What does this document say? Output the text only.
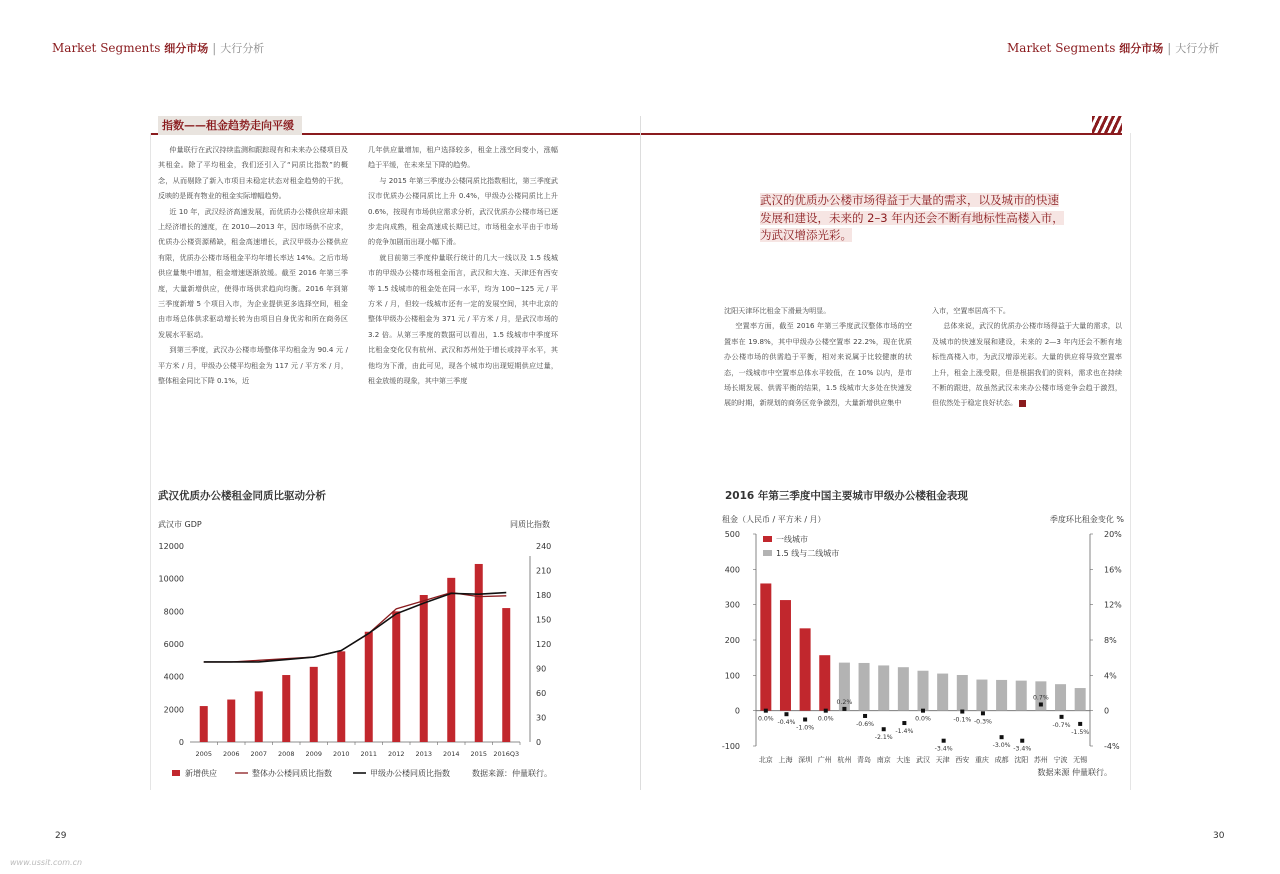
Market Segments 细分市场 | 大行分析	Market Segments 细分市场 | 大行分析
指数——租金趋势走向平缓

仲量联行在武汉持续监测和跟踪现有和未来办公楼项目及其租金。除了平均租金，我们还引入了“同质比指数”的概念，从而剔除了新入市项目未稳定状态对租金趋势的干扰，反映的是既有物业的租金实际增幅趋势。

近 10 年，武汉经济高速发展，而优质办公楼供应却未跟上经济增长的速度，在 2010—2013 年，因市场供不应求，优质办公楼资源稀缺，租金高速增长，武汉甲级办公楼供应有限，优质办公楼市场租金平均年增长率达 14%。之后市场供应量集中增加，租金增速逐渐放缓。截至 2016 年第三季度，大量新增供应，使得市场供求趋向均衡。2016 年到第三季度新增 5 个项目入市，为企业提供更多选择空间，租金由市场总体供求驱动增长转为由项目自身优劣和所在商务区发展水平驱动。

到第三季度，武汉办公楼市场整体平均租金为 90.4 元 / 平方米 / 月，甲级办公楼平均租金为 117 元 / 平方米 / 月，整体租金同比下降 0.1%，近

几年供应量增加，租户选择较多，租金上涨空间变小，涨幅趋于平缓，在未来呈下降的趋势。

与 2015 年第三季度办公楼同质比指数相比，第三季度武汉市优质办公楼同质比上升 0.4%，甲级办公楼同质比上升 0.6%，按现有市场供应需求分析，武汉优质办公楼市场已逐步走向成熟，租金高速成长期已过，市场租金水平由于市场的竞争加剧而出现小幅下滑。

就目前第三季度仲量联行统计的几大一线以及 1.5 线城市的甲级办公楼市场租金而言，武汉和大连、天津还有西安等 1.5 线城市的租金处在同一水平，均为 100~125 元 / 平方米 / 月，但较一线城市还有一定的发展空间，其中北京的整体甲级办公楼租金为 371 元 / 平方米 / 月，是武汉市场的 3.2 倍。从第三季度的数据可以看出，1.5 线城市中季度环比租金变化仅有杭州、武汉和苏州处于增长或持平水平，其他均为下滑，由此可见，现各个城市均出现短期供应过量，租金放缓的现象，其中第三季度

沈阳天津环比租金下滑最为明显。

空置率方面，截至 2016 年第三季度武汉整体市场的空置率在 19.8%，其中甲级办公楼空置率 22.2%，现在优质办公楼市场的供需趋于平衡，相对来说属于比较健康的状态，一线城市中空置率总体水平较低，在 10% 以内，是市场长期发展、供需平衡的结果，1.5 线城市大多处在快速发展的时期，新规划的商务区竞争激烈，大量新增供应集中

入市，空置率居高不下。

总体来说，武汉的优质办公楼市场得益于大量的需求，以及城市的快速发展和建设，未来的 2—3 年内还会不断有地标性高楼入市，为武汉增添光彩。大量的供应将导致空置率上升，租金上涨受限，但是根据我们的资料，需求也在持续不断的跟进，故虽然武汉未来办公楼市场竞争会趋于激烈，但依然处于稳定良好状态。

武汉的优质办公楼市场得益于大量的需求，以及城市的快速
发展和建设，未来的 2–3 年内还会不断有地标性高楼入市，
为武汉增添光彩。
武汉优质办公楼租金同质比驱动分析
武汉市 GDP	同质比指数
0
2000
4000
6000
8000
10000
12000
0
30
60
90
120
150
180
210
240
2005 2006 2007 2008 2009 2010 2011 2012 2013 2014 2015 2016Q3
新增供应	整体办公楼同质比指数	甲级办公楼同质比指数	数据来源：仲量联行。
2016 年第三季度中国主要城市甲级办公楼租金表现
租金（人民币 / 平方米 / 月）	季度环比租金变化 %
-100
0
100
200
300
400
500
-4%
0
4%
8%
12%
16%
20%
北京 上海 深圳 广州 杭州 青岛 南京 大连 武汉 天津 西安 重庆 成都 沈阳 苏州 宁波 无锡
0.0%
-0.4%
-1.0%
0.0%
0.2%
-0.6%
-2.1%
-1.4%
0.0%
-3.4%
-0.1% -0.3%
-3.0%
-3.4%
0.7%
-0.7%
-1.5%
一线城市
1.5 线与二线城市
数据来源 仲量联行。
29	30
www.ussit.com.cn
